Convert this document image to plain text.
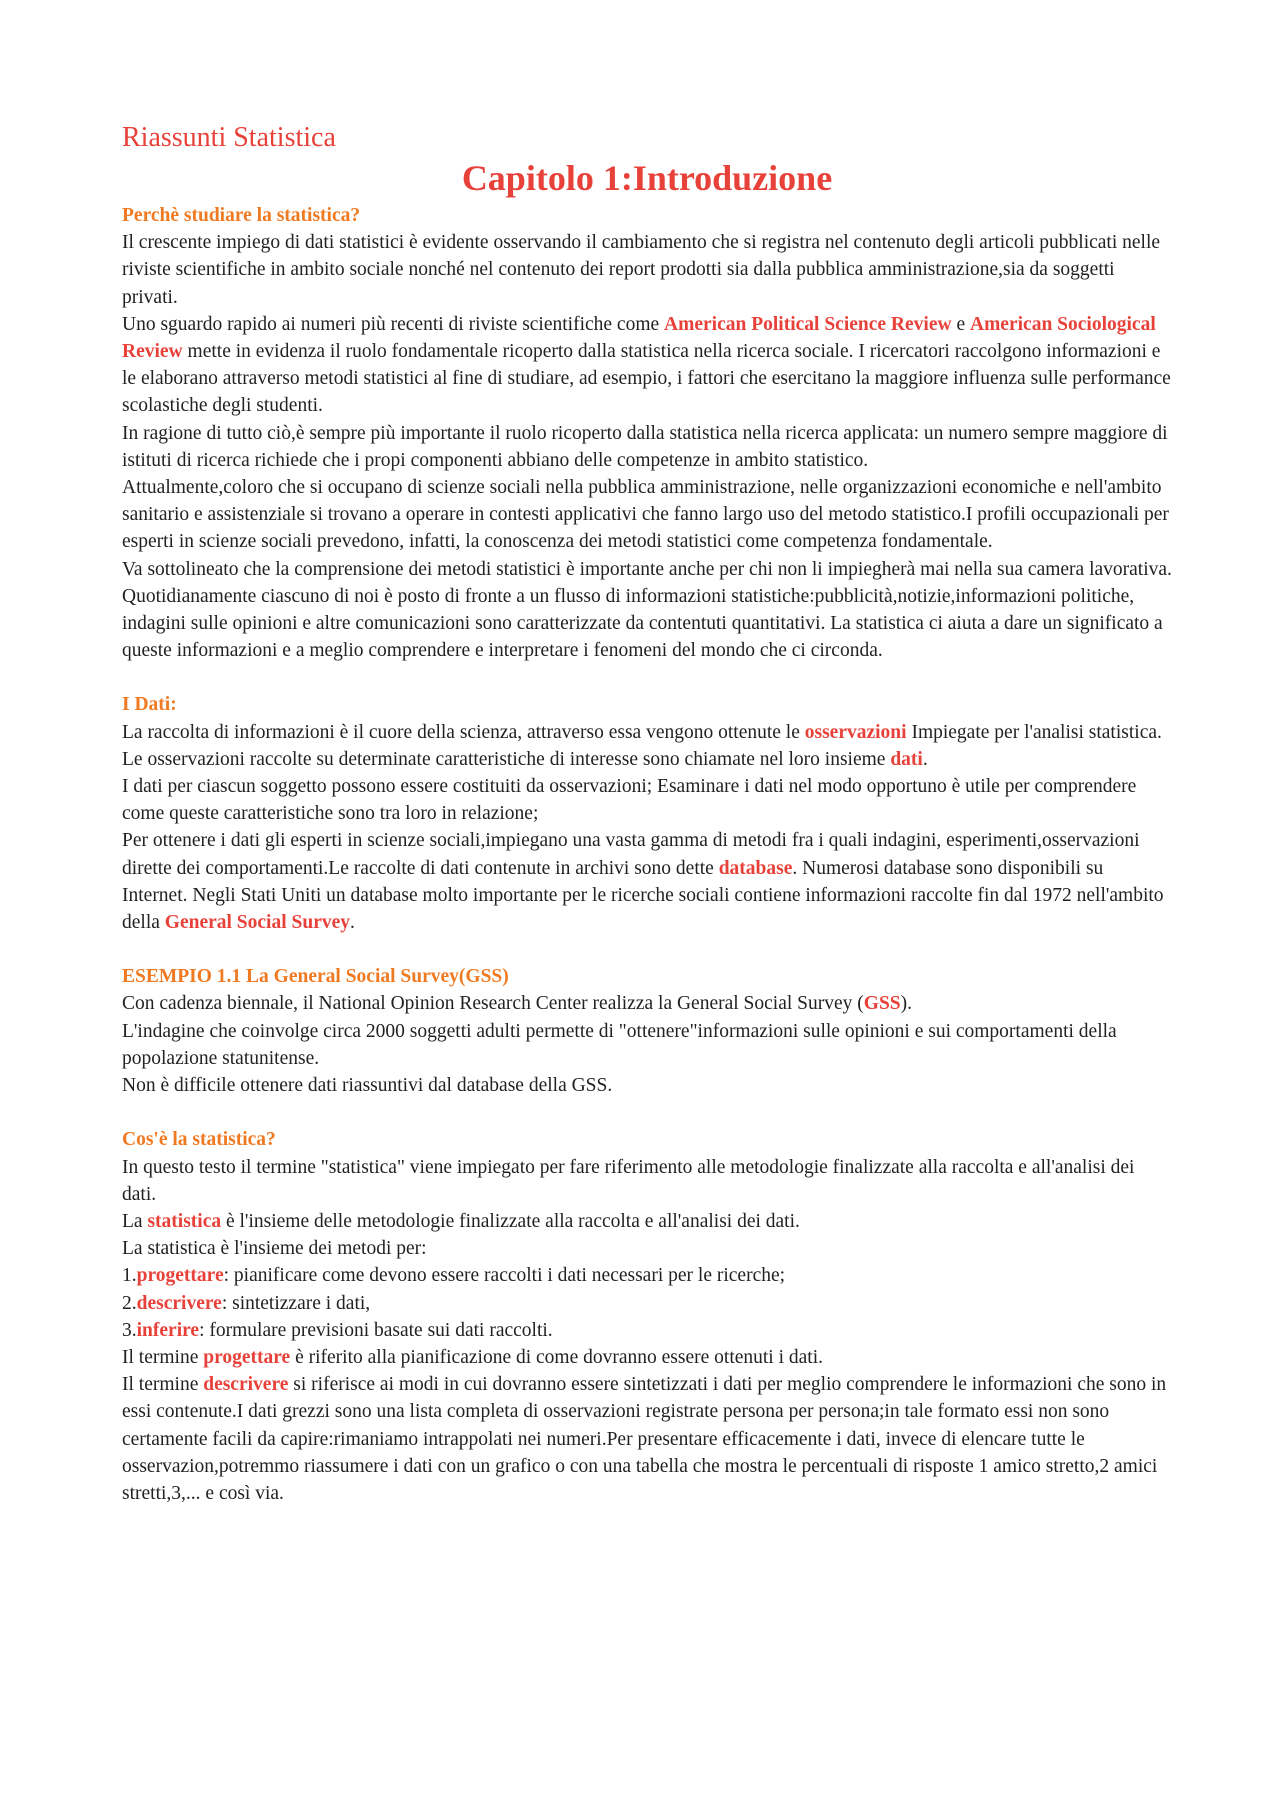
Riassunti Statistica
Capitolo 1:Introduzione

Perchè studiare la statistica?

Il crescente impiego di dati statistici è evidente osservando il cambiamento che si registra nel contenuto degli articoli pubblicati nelle riviste scientifiche in ambito sociale nonché nel contenuto dei report prodotti sia dalla pubblica amministrazione,sia da soggetti privati.

Uno sguardo rapido ai numeri più recenti di riviste scientifiche come American Political Science Review e American Sociological Review mette in evidenza il ruolo fondamentale ricoperto dalla statistica nella ricerca sociale. I ricercatori raccolgono informazioni e le elaborano attraverso metodi statistici al fine di studiare, ad esempio, i fattori che esercitano la maggiore influenza sulle performance scolastiche degli studenti.

In ragione di tutto ciò,è sempre più importante il ruolo ricoperto dalla statistica nella ricerca applicata: un numero sempre maggiore di istituti di ricerca richiede che i propi componenti abbiano delle competenze in ambito statistico.

Attualmente,coloro che si occupano di scienze sociali nella pubblica amministrazione, nelle organizzazioni economiche e nell'ambito sanitario e assistenziale si trovano a operare in contesti applicativi che fanno largo uso del metodo statistico.I profili occupazionali per esperti in scienze sociali prevedono, infatti, la conoscenza dei metodi statistici come competenza fondamentale.

Va sottolineato che la comprensione dei metodi statistici è importante anche per chi non li impiegherà mai nella sua camera lavorativa. Quotidianamente ciascuno di noi è posto di fronte a un flusso di informazioni statistiche:pubblicità,notizie,informazioni politiche, indagini sulle opinioni e altre comunicazioni sono caratterizzate da contentuti quantitativi. La statistica ci aiuta a dare un significato a queste informazioni e a meglio comprendere e interpretare i fenomeni del mondo che ci circonda.

I Dati:

La raccolta di informazioni è il cuore della scienza, attraverso essa vengono ottenute le osservazioni Impiegate per l'analisi statistica. Le osservazioni raccolte su determinate caratteristiche di interesse sono chiamate nel loro insieme dati.

I dati per ciascun soggetto possono essere costituiti da osservazioni; Esaminare i dati nel modo opportuno è utile per comprendere come queste caratteristiche sono tra loro in relazione;

Per ottenere i dati gli esperti in scienze sociali,impiegano una vasta gamma di metodi fra i quali indagini, esperimenti,osservazioni dirette dei comportamenti.Le raccolte di dati contenute in archivi sono dette database. Numerosi database sono disponibili su Internet. Negli Stati Uniti un database molto importante per le ricerche sociali contiene informazioni raccolte fin dal 1972 nell'ambito della General Social Survey.

ESEMPIO 1.1 La General Social Survey(GSS)

Con cadenza biennale, il National Opinion Research Center realizza la General Social Survey (GSS).

L'indagine che coinvolge circa 2000 soggetti adulti permette di "ottenere"informazioni sulle opinioni e sui comportamenti della popolazione statunitense.

Non è difficile ottenere dati riassuntivi dal database della GSS.

Cos'è la statistica?

In questo testo il termine "statistica" viene impiegato per fare riferimento alle metodologie finalizzate alla raccolta e all'analisi dei dati.

La statistica è l'insieme delle metodologie finalizzate alla raccolta e all'analisi dei dati.

La statistica è l'insieme dei metodi per:

1.progettare: pianificare come devono essere raccolti i dati necessari per le ricerche;

2.descrivere: sintetizzare i dati,

3.inferire: formulare previsioni basate sui dati raccolti.

Il termine progettare è riferito alla pianificazione di come dovranno essere ottenuti i dati.

Il termine descrivere si riferisce ai modi in cui dovranno essere sintetizzati i dati per meglio comprendere le informazioni che sono in essi contenute.I dati grezzi sono una lista completa di osservazioni registrate persona per persona;in tale formato essi non sono certamente facili da capire:rimaniamo intrappolati nei numeri.Per presentare efficacemente i dati, invece di elencare tutte le osservazion,potremmo riassumere i dati con un grafico o con una tabella che mostra le percentuali di risposte 1 amico stretto,2 amici stretti,3,... e così via.
